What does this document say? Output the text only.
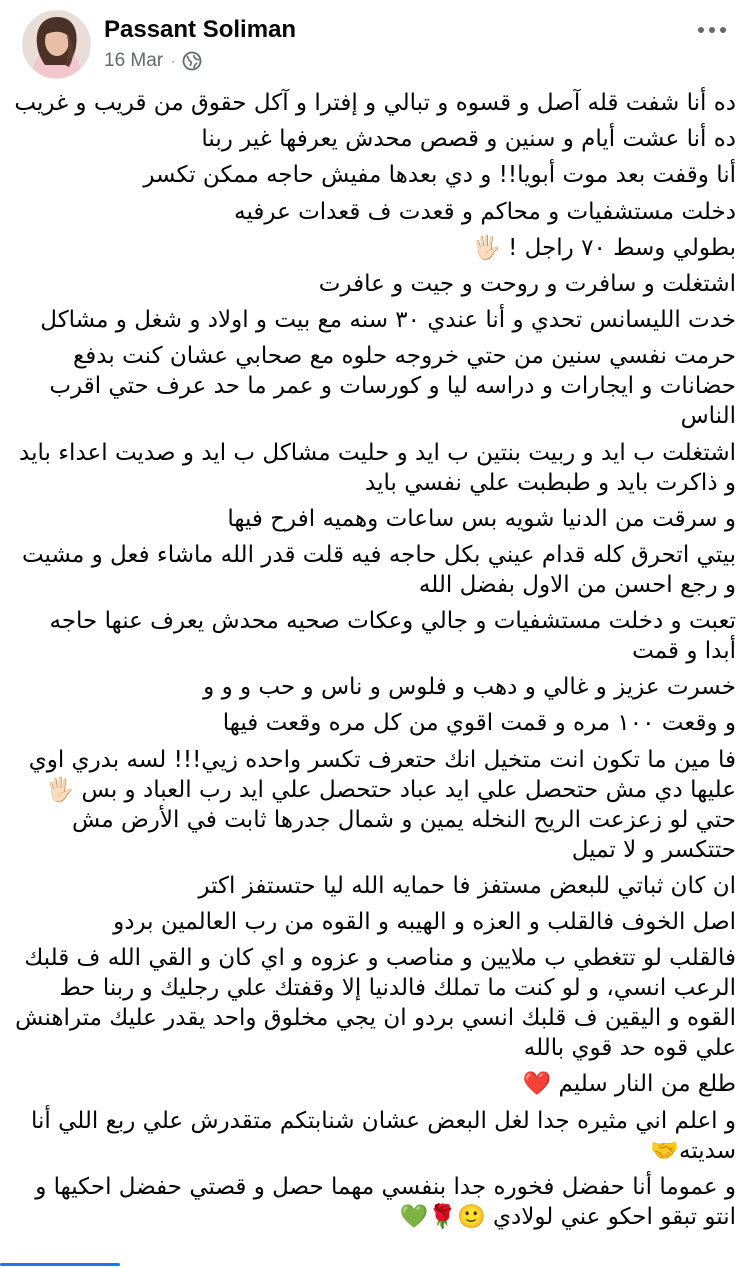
Passant Soliman
16 Mar ·

ده أنا شفت قله آصل و قسوه و تبالي و إفترا و آكل حقوق من قريب و غريب

ده أنا عشت أيام و سنين و قصص محدش يعرفها غير ربنا

أنا وقفت بعد موت أبويا!! و دي بعدها مفيش حاجه ممكن تكسر

دخلت مستشفيات و محاكم و قعدت ف قعدات عرفيه

بطولي وسط ٧٠ راجل ! 🖐🏻

اشتغلت و سافرت و روحت و جيت و عافرت

خدت الليسانس تحدي و أنا عندي ٣٠ سنه مع بيت و اولاد و شغل و مشاكل

حرمت نفسي سنين من حتي خروجه حلوه مع صحابي عشان كنت بدفع حضانات و ايجارات و دراسه ليا و كورسات و عمر ما حد عرف حتي اقرب الناس

اشتغلت ب ايد و ربيت بنتين ب ايد و حليت مشاكل ب ايد و صديت اعداء بايد و ذاكرت بايد و طبطبت علي نفسي بايد

و سرقت من الدنيا شويه بس ساعات وهميه افرح فيها

بيتي اتحرق كله قدام عيني بكل حاجه فيه قلت قدر الله ماشاء فعل و مشيت و رجع احسن من الاول بفضل الله

تعبت و دخلت مستشفيات و جالي وعكات صحيه محدش يعرف عنها حاجه أبدا و قمت

خسرت عزيز و غالي و دهب و فلوس و ناس و حب و و و

و وقعت ١٠٠ مره و قمت اقوي من كل مره وقعت فيها

فا مين ما تكون انت متخيل انك حتعرف تكسر واحده زيي!!! لسه بدري اوي عليها دي مش حتحصل علي ايد عباد حتحصل علي ايد رب العباد و بس 🖐🏻حتي لو زعزعت الريح النخله يمين و شمال جدرها ثابت في الأرض مش حتتكسر و لا تميل

ان كان ثباتي للبعض مستفز فا حمايه الله ليا حتستفز اكتر

اصل الخوف فالقلب و العزه و الهيبه و القوه من رب العالمين بردو

فالقلب لو تتغطي ب ملايين و مناصب و عزوه و اي كان و القي الله ف قلبك الرعب انسي، و لو كنت ما تملك فالدنيا إلا وقفتك علي رجليك و ربنا حط القوه و اليقين ف قلبك انسي بردو ان يجي مخلوق واحد يقدر عليك متراهنش علي قوه حد قوي بالله

طلع من النار سليم ❤️

و اعلم اني مثيره جدا لغل البعض عشان شنابتكم متقدرش علي ربع اللي أنا سديته🤝

و عموما أنا حفضل فخوره جدا بنفسي مهما حصل و قصتي حفضل احكيها و انتو تبقو احكو عني لولادي 🙂🌹💚
